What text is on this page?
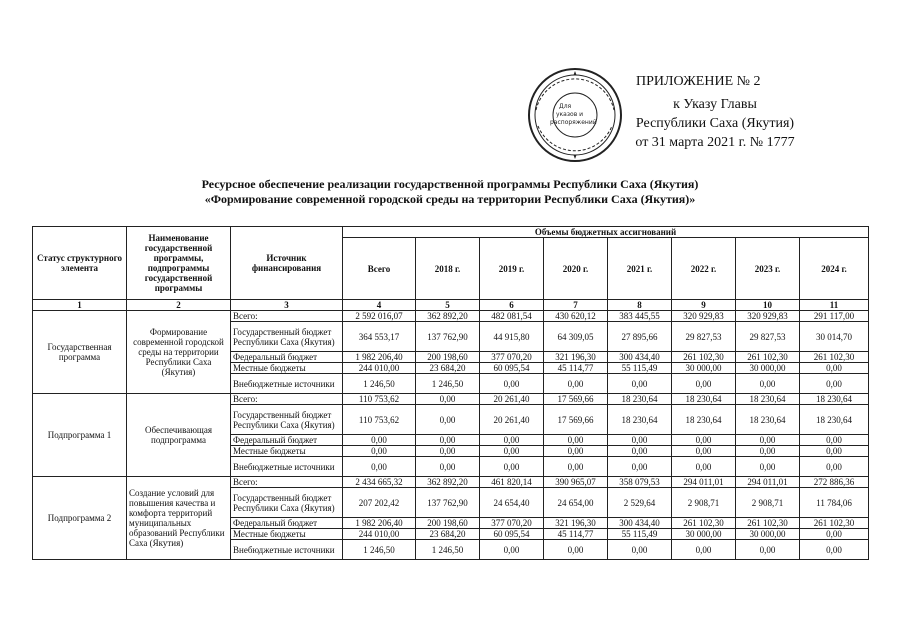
Для
указов и
распоряжений
ПРИЛОЖЕНИЕ № 2
к Указу Главы
Республики Саха (Якутия)
от 31 марта 2021 г. № 1777
Ресурсное обеспечение реализации государственной программы Республики Саха (Якутия)
«Формирование современной городской среды на территории Республики Саха (Якутия)»
Статус структурного элемента	Наименование государственной программы, подпрограммы государственной программы	Источник финансирования	Объемы бюджетных ассигнований							
			Всего	2018 г.	2019 г.	2020 г.	2021 г.	2022 г.	2023 г.	2024 г.
1	2	3	4	5	6	7	8	9	10	11
Государственная программа	Формирование современной городской среды на территории Республики Саха (Якутия)	Всего:	2 592 016,07	362 892,20	482 081,54	430 620,12	383 445,55	320 929,83	320 929,83	291 117,00
		Государственный бюджет Республики Саха (Якутия)	364 553,17	137 762,90	44 915,80	64 309,05	27 895,66	29 827,53	29 827,53	30 014,70
		Федеральный бюджет	1 982 206,40	200 198,60	377 070,20	321 196,30	300 434,40	261 102,30	261 102,30	261 102,30
		Местные бюджеты	244 010,00	23 684,20	60 095,54	45 114,77	55 115,49	30 000,00	30 000,00	0,00
		Внебюджетные источники	1 246,50	1 246,50	0,00	0,00	0,00	0,00	0,00	0,00
Подпрограмма 1	Обеспечивающая подпрограмма	Всего:	110 753,62	0,00	20 261,40	17 569,66	18 230,64	18 230,64	18 230,64	18 230,64
		Государственный бюджет Республики Саха (Якутия)	110 753,62	0,00	20 261,40	17 569,66	18 230,64	18 230,64	18 230,64	18 230,64
		Федеральный бюджет	0,00	0,00	0,00	0,00	0,00	0,00	0,00	0,00
		Местные бюджеты	0,00	0,00	0,00	0,00	0,00	0,00	0,00	0,00
		Внебюджетные источники	0,00	0,00	0,00	0,00	0,00	0,00	0,00	0,00
Подпрограмма 2	Создание условий для повышения качества и комфорта территорий муниципальных образований Республики Саха (Якутия)	Всего:	2 434 665,32	362 892,20	461 820,14	390 965,07	358 079,53	294 011,01	294 011,01	272 886,36
		Государственный бюджет Республики Саха (Якутия)	207 202,42	137 762,90	24 654,40	24 654,00	2 529,64	2 908,71	2 908,71	11 784,06
		Федеральный бюджет	1 982 206,40	200 198,60	377 070,20	321 196,30	300 434,40	261 102,30	261 102,30	261 102,30
		Местные бюджеты	244 010,00	23 684,20	60 095,54	45 114,77	55 115,49	30 000,00	30 000,00	0,00
		Внебюджетные источники	1 246,50	1 246,50	0,00	0,00	0,00	0,00	0,00	0,00
